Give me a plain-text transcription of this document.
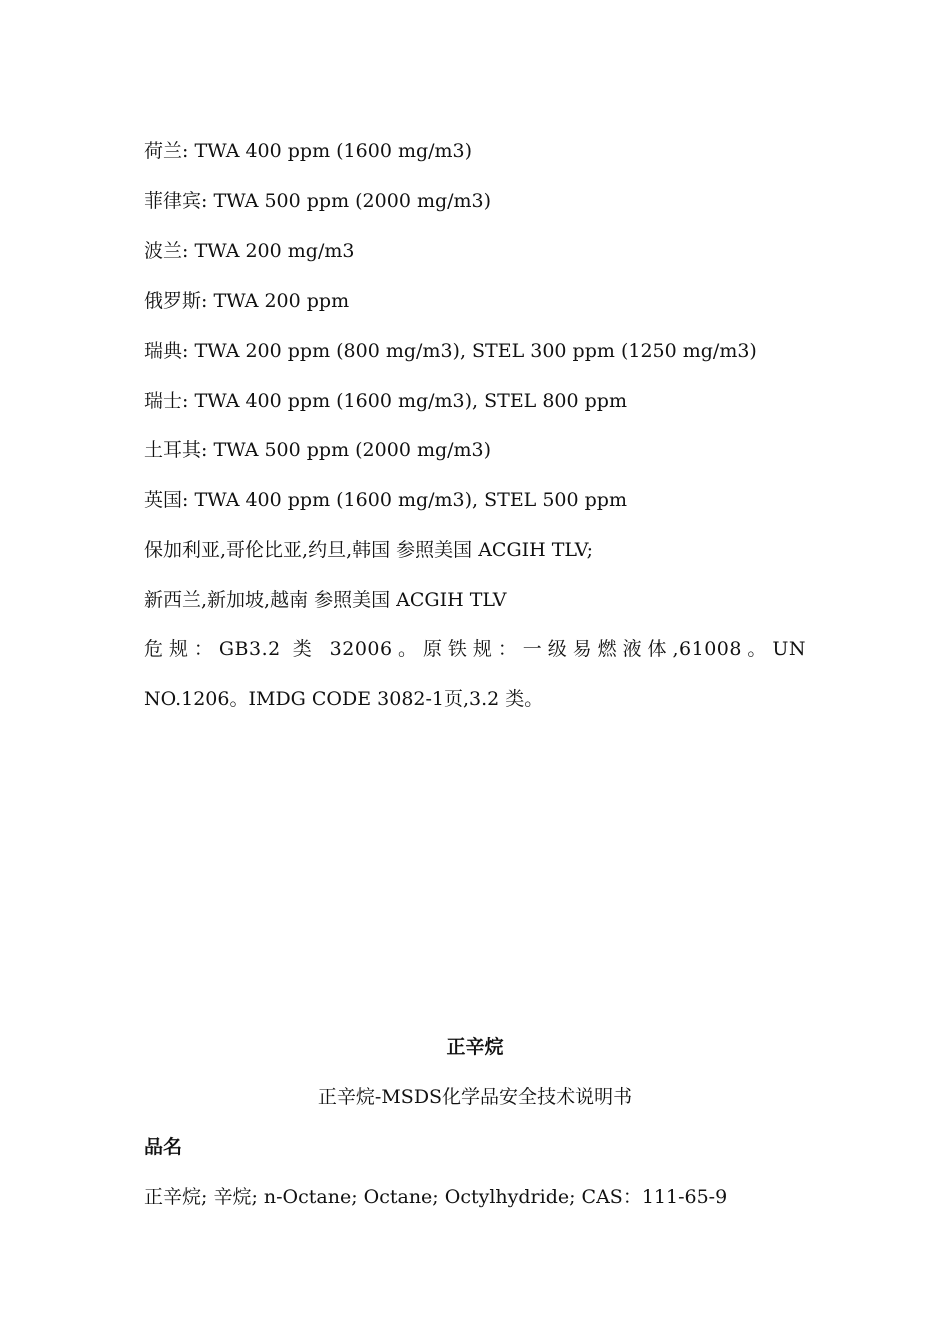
荷兰: TWA 400 ppm (1600 mg/m3)
菲律宾: TWA 500 ppm (2000 mg/m3)
波兰: TWA 200 mg/m3
俄罗斯: TWA 200 ppm
瑞典: TWA 200 ppm (800 mg/m3), STEL 300 ppm (1250 mg/m3)
瑞士: TWA 400 ppm (1600 mg/m3), STEL 800 ppm
土耳其: TWA 500 ppm (2000 mg/m3)
英国: TWA 400 ppm (1600 mg/m3), STEL 500 ppm
保加利亚,哥伦比亚,约旦,韩国 参照美国 ACGIH TLV;
新西兰,新加坡,越南 参照美国 ACGIH TLV
危规：GB3.2 类 32006。原铁规：一级易燃液体,61008。UN
NO.1206。IMDG CODE 3082-1页,3.2 类。
正辛烷
正辛烷-MSDS化学品安全技术说明书
品名
正辛烷; 辛烷; n-Octane; Octane; Octylhydride; CAS：111-65-9
